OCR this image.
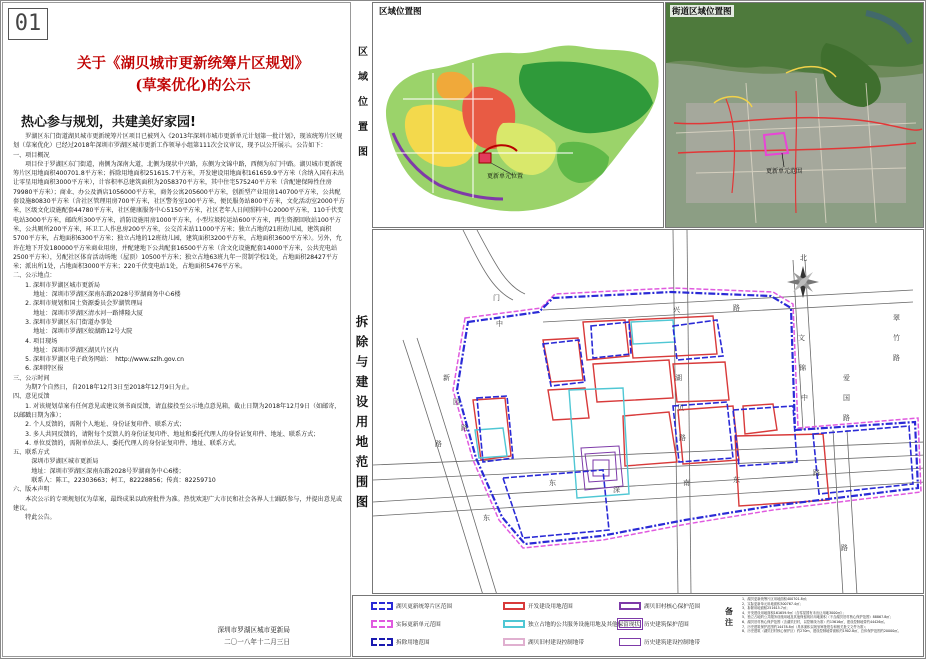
01
关于《湖贝城市更新统筹片区规划》
(草案优化)的公示
热心参与规划，共建美好家园!

　　罗湖区东门街道湖贝城市更新统筹片区项目已被列入《2013年深圳市城市更新单元计划第一批计划》，现该统筹片区规划（草案优化）已经过2018年深圳市罗湖区城市更新工作领导小组第111次会议审议，现予以公开展示。公告如下：

一、项目概况

　　项目位于罗湖区东门街道，南侧为深南大道，北侧为现状中兴路，东侧为文锦中路，西侧为东门中路。湖贝城市更新统筹片区用地面积400701.8平方米；拆除用地面积251615.7平方米，开发建设用地面积161659.9平方米（含纳入国有未出让零星用地面积3000平方米），计容积率总建筑面积为2058370平方米，其中住宅575240平方米（含配建保障性住房79980平方米）；商业、办公及酒店1056000平方米，商务公寓205600平方米，创新型产业用房140700平方米，公共配套设施80830平方米（含社区管理用房700平方米，社区警务室100平方米，便民服务站800平方米，文化活动室2000平方米，区级文化设施配套44780平方米，社区健康服务中心5150平方米，社区老年人日间照料中心2000平方米，110千伏变电站3000平方米，邮政所300平方米，消防设施用房1000平方米，小型垃圾转运站600平方米，再生资源回收站100平方米，公共厕所200平方米，环卫工人作息房200平方米，公交首末站11000平方米；独立占地的21班幼儿园，建筑面积5700平方米，占地面积6300平方米；独立占地的12班幼儿园，建筑面积3200平方米，占地面积3600平方米）。另外，允许在地下开发180000平方米商业用房，并配建地下公共配套16500平方米（含文化设施配套14000平方米，公共充电站2500平方米），另配社区体育活动场地（屋顶）10500平方米；独立占地63班九年一贯制学校1处，占地面积28427平方米；派出所1处，占地面积3000平方米；220千伏变电站1处，占地面积5476平方米。

二、公示地点：

　　1. 深圳市罗湖区城市更新局

　　　 地址：深圳市罗湖区深南东路2028号罗湖商务中心6楼

　　2. 深圳市规划和国土资源委员会罗湖管理局

　　　 地址：深圳市罗湖区清水河一路博隆大厦

　　3. 深圳市罗湖区东门街道办事处

　　　 地址：深圳市罗湖区蛟湖路12号大院

　　4. 项目现场

　　　 地址：深圳市罗湖区湖贝片区内

　　5. 深圳市罗湖区电子政务网站：　http://www.szlh.gov.cn

　　6. 深圳特区报

三、公示时间

　　为期7个自然日，自2018年12月3日至2018年12月9日为止。

四、意见反馈

　　1. 对该规划草案有任何意见或建议须书面反馈，请直接投至公示地点意见箱，截止日期为2018年12月9日（如邮寄，以邮戳日期为准）；

　　2. 个人反馈的，需附个人地址、身份证复印件、联系方式；

　　3. 多人共同反馈的，请附每个反馈人的身份证复印件、地址和委托代理人的身份证复印件、地址、联系方式；

　　4. 单位反馈的，需附单位法人、委托代理人的身份证复印件、地址、联系方式。

五、联系方式

　　　深圳市罗湖区城市更新局

　　　地址：深圳市罗湖区深南东路2028号罗湖商务中心6楼；

　　　联系人：陈工，22303663；柯工，82228856；传真：82259710

六、版本声明

　　本次公示的专项规划仅为草案，最终成果以政府批件为准。热忱欢迎广大市民和社会各界人士踊跃参与，并提出意见或建议。

　　特此公告。

深圳市罗湖区城市更新局
二〇一八年十二月三日
区
域
位
置
图
拆
除
与
建
设
用
地
范
围
图
区域位置图
更新单元位置
街道区域位置图
更新单元范围
北
路
东
门
中
兴	路
深
南	东
路
文
锦
中
路
新
园
路
湖
贝
路
翠
竹
路
爱
国
路
东
湖贝更新统筹片区范围	开发建设用地范围	湖贝旧村核心保护范围
实际更新单元范围	独立占地的公共服务设施用地及其他保留现状 历史建筑保护范围
拆除用地范围	湖贝旧村建设控制地带	历史建筑建设控制地带
备注

1、湖贝更新统筹片区用地面积400701.8㎡；

2、实际更新单元用地面积300767.4㎡；

3、拆除用地面积251615.7㎡；

4、开发建设用地面积161659.9㎡（含零星国有未出让用地3000㎡）；

5、独立占地的公共服务设施用地及其他保留现状用地面积（不含湖贝旧村核心保护范围）88867.8㎡；

6、湖贝旧村核心保护范围（含湖贝旧村，以控制线为准）约13616㎡，建设控制地带约44426㎡。

7、历史建筑保护范围约14478.8㎡（具体面积以规划审批报告和相关批文文件为准）；

8、历史建筑（湖贝旧村核心保护区）约270m，建设控制地带面积约1902.8㎡，总体保护范围约20000㎡。
